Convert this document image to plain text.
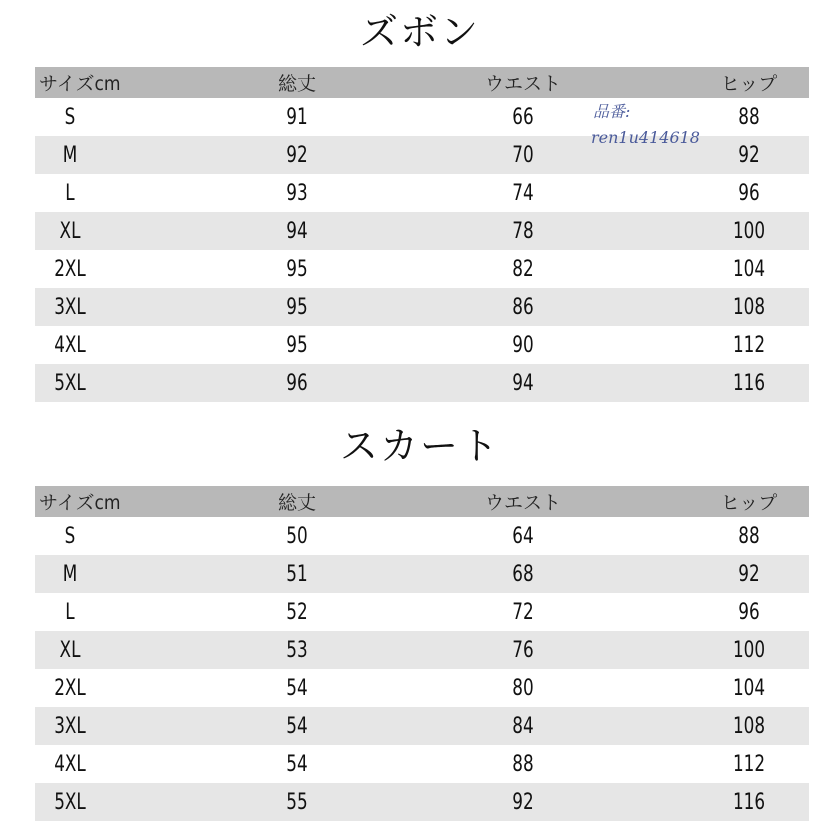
ズボン
サイズcm	総丈	ウエスト	ヒップ
S	91	66	88
M	92	70	92
L	93	74	96
XL	94	78	100
2XL	95	82	104
3XL	95	86	108
4XL	95	90	112
5XL	96	94	116
品番:
ren1u414618
スカート
サイズcm	総丈	ウエスト	ヒップ
S	50	64	88
M	51	68	92
L	52	72	96
XL	53	76	100
2XL	54	80	104
3XL	54	84	108
4XL	54	88	112
5XL	55	92	116
